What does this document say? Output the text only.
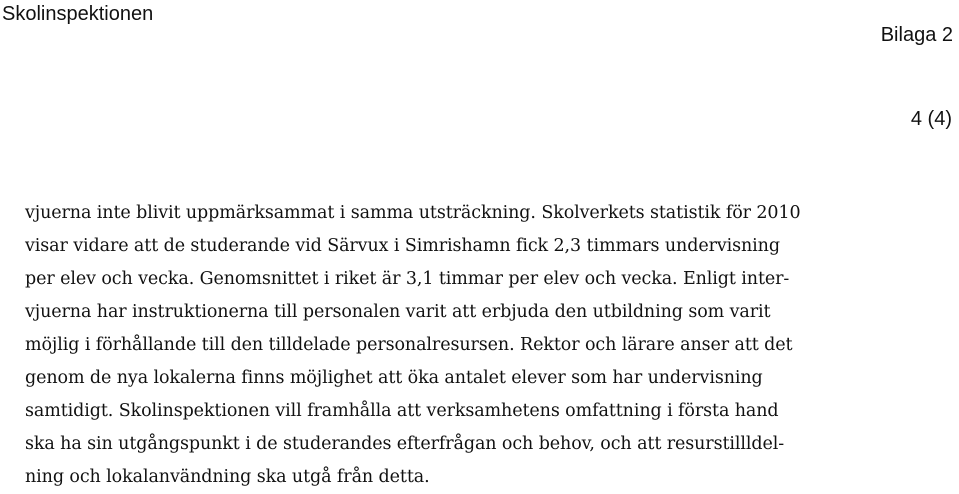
Skolinspektionen
Bilaga 2
4 (4)
vjuerna inte blivit uppmärksammat i samma utsträckning. Skolverkets statistik för 2010
visar vidare att de studerande vid Särvux i Simrishamn fick 2,3 timmars undervisning
per elev och vecka. Genomsnittet i riket är 3,1 timmar per elev och vecka. Enligt inter-
vjuerna har instruktionerna till personalen varit att erbjuda den utbildning som varit
möjlig i förhållande till den tilldelade personalresursen. Rektor och lärare anser att det
genom de nya lokalerna finns möjlighet att öka antalet elever som har undervisning
samtidigt. Skolinspektionen vill framhålla att verksamhetens omfattning i första hand
ska ha sin utgångspunkt i de studerandes efterfrågan och behov, och att resurstillldel-
ning och lokalanvändning ska utgå från detta.
